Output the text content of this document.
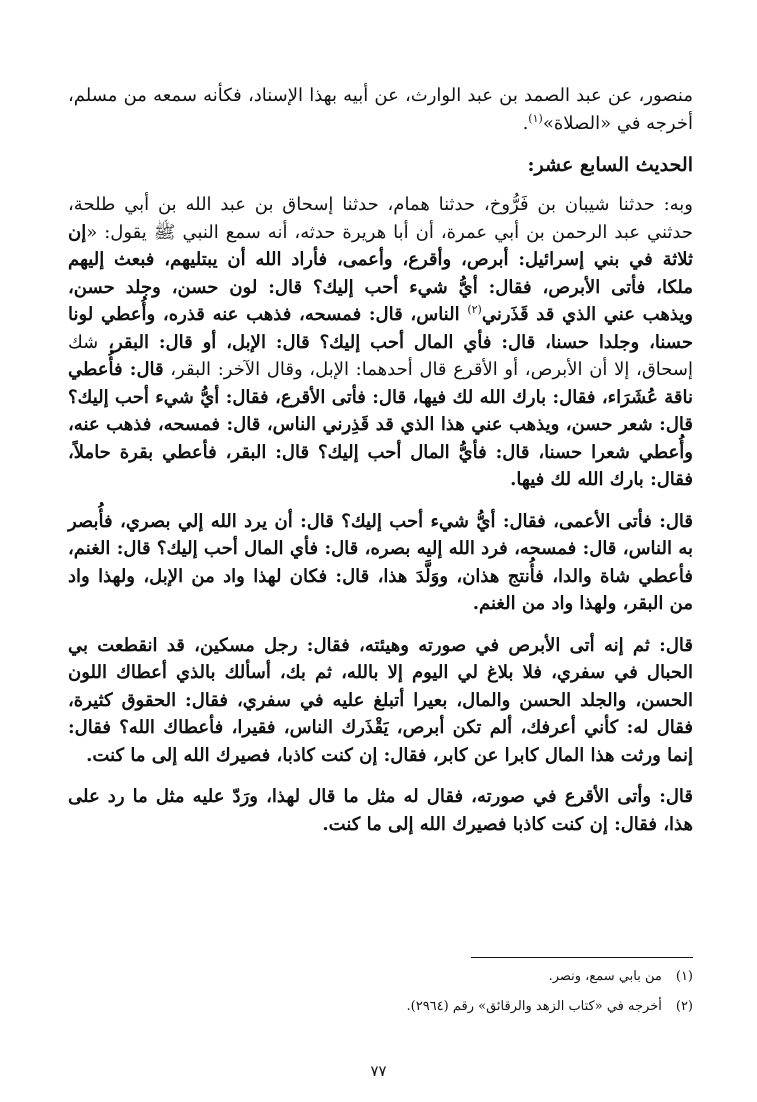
منصور، عن عبد الصمد بن عبد الوارث، عن أبيه بهذا الإسناد، فكأنه سمعه من مسلم، أخرجه في «الصلاة»$^{(١)}$.

الحديث السابع عشر:

وبه: حدثنا شيبان بن فَرُّوخ، حدثنا همام، حدثنا إسحاق بن عبد الله بن أبي طلحة، حدثني عبد الرحمن بن أبي عمرة، أن أبا هريرة حدثه، أنه سمع النبي ﷺ يقول: «إن ثلاثة في بني إسرائيل: أبرص، وأقرع، وأعمى، فأراد الله أن يبتليهم، فبعث إليهم ملكا، فأتى الأبرص، فقال: أيُّ شيء أحب إليك؟ قال: لون حسن، وجلد حسن، ويذهب عني الذي قد قَذَرني$^{(٢)}$ الناس، قال: فمسحه، فذهب عنه قذره، وأُعطي لونا حسنا، وجلدا حسنا، قال: فأي المال أحب إليك؟ قال: الإبل، أو قال: البقر، شك إسحاق، إلا أن الأبرص، أو الأقرع قال أحدهما: الإبل، وقال الآخر: البقر، قال: فأُعطي ناقة عُشَرَاء، فقال: بارك الله لك فيها، قال: فأتى الأقرع، فقال: أيُّ شيء أحب إليك؟ قال: شعر حسن، ويذهب عني هذا الذي قد قَذِرني الناس، قال: فمسحه، فذهب عنه، وأُعطي شعرا حسنا، قال: فأيُّ المال أحب إليك؟ قال: البقر، فأعطي بقرة حاملاً، فقال: بارك الله لك فيها.

قال: فأتى الأعمى، فقال: أيُّ شيء أحب إليك؟ قال: أن يرد الله إلي بصري، فأُبصر به الناس، قال: فمسحه، فرد الله إليه بصره، قال: فأي المال أحب إليك؟ قال: الغنم، فأعطي شاة والدا، فأُنتج هذان، ووَلَّدَ هذا، قال: فكان لهذا واد من الإبل، ولهذا واد من البقر، ولهذا واد من الغنم.

قال: ثم إنه أتى الأبرص في صورته وهيئته، فقال: رجل مسكين، قد انقطعت بي الحبال في سفري، فلا بلاغ لي اليوم إلا بالله، ثم بك، أسألك بالذي أعطاك اللون الحسن، والجلد الحسن والمال، بعيرا أتبلغ عليه في سفري، فقال: الحقوق كثيرة، فقال له: كأني أعرفك، ألم تكن أبرص، يَقْذَرك الناس، فقيرا، فأعطاك الله؟ فقال: إنما ورثت هذا المال كابرا عن كابر، فقال: إن كنت كاذبا، فصيرك الله إلى ما كنت.

قال: وأتى الأقرع في صورته، فقال له مثل ما قال لهذا، ورَدّ عليه مثل ما رد على هذا، فقال: إن كنت كاذبا فصيرك الله إلى ما كنت.

(١)من بابي سمع، ونصر.
(٢)أخرجه في «كتاب الزهد والرقائق» رقم (٢٩٦٤).
٧٧
